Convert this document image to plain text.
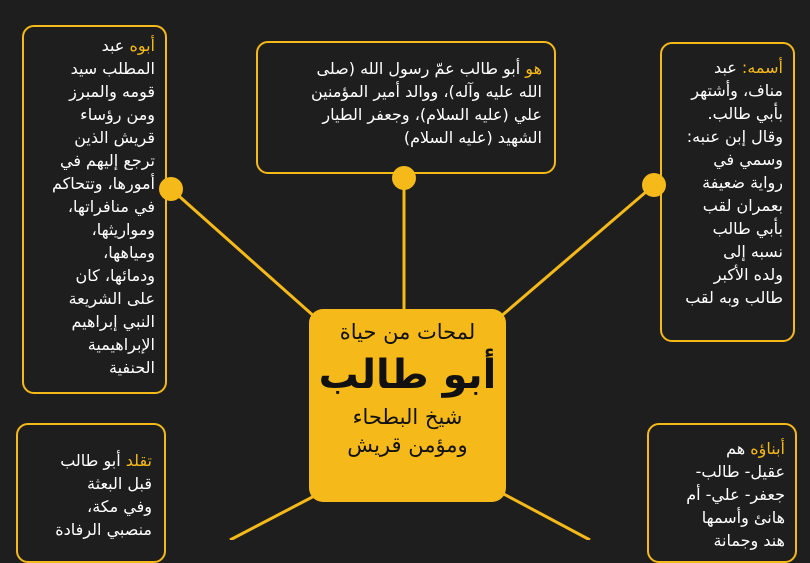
أبوه عبد
المطلب سيد
قومه والمبرز
ومن رؤساء
قريش الذين
ترجع إليهم في
أمورها، وتتحاكم
في منافراتها،
ومواريثها،
ومياهها،
ودمائها، كان
على الشريعة
النبي إبراهيم
الإبراهيمية
الحنفية
هو أبو طالب عمّ رسول الله (صلى
الله عليه وآله)، ووالد أمير المؤمنين
علي (عليه السلام)، وجعفر الطيار
الشهيد (عليه السلام)
أسمه: عبد
مناف، وأشتهر
بأبي طالب.
وقال إبن عنبه:
وسمي في
رواية ضعيفة
بعمران لقب
بأبي طالب
نسبه إلى
ولده الأكبر
طالب وبه لقب
تقلد أبو طالب
قبل البعثة
وفي مكة،
منصبي الرفادة
أبناؤه هم
عقيل- طالب-
جعفر- علي- أم
هانئ وأسمها
هند وجمانة
لمحات من حياة
أبو طالب
شيخ البطحاء
ومؤمن قريش
